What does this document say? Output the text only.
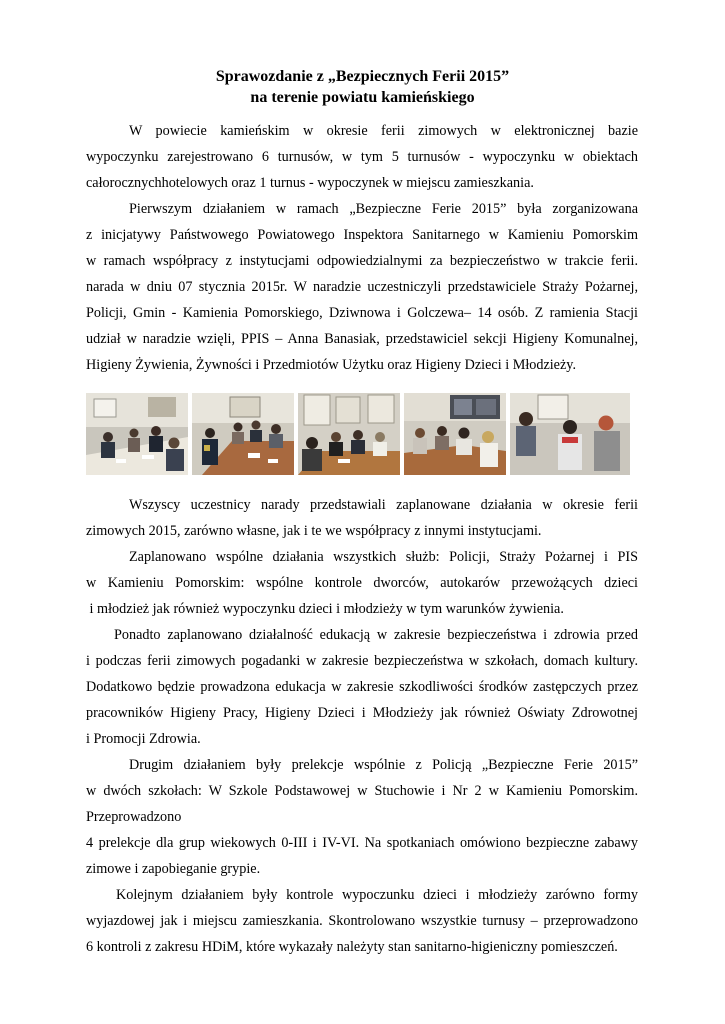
Sprawozdanie z „Bezpiecznych Ferii 2015”
na terenie powiatu kamieńskiego
W powiecie kamieńskim w okresie ferii zimowych w elektronicznej bazie
wypoczynku zarejestrowano 6 turnusów, w tym 5 turnusów - wypoczynku w obiektach
całorocznychhotelowych oraz 1 turnus - wypoczynek w miejscu zamieszkania.
Pierwszym działaniem w ramach „Bezpieczne Ferie 2015” była zorganizowana
z inicjatywy Państwowego Powiatowego Inspektora Sanitarnego w Kamieniu Pomorskim
w ramach współpracy z instytucjami odpowiedzialnymi za bezpieczeństwo w trakcie ferii.
narada w dniu 07 stycznia 2015r. W naradzie uczestniczyli przedstawiciele Straży Pożarnej,
Policji, Gmin - Kamienia Pomorskiego, Dziwnowa i Golczewa– 14 osób. Z ramienia Stacji
udział w naradzie wzięli, PPIS – Anna Banasiak, przedstawiciel sekcji Higieny Komunalnej,
Higieny Żywienia, Żywności i Przedmiotów Użytku oraz Higieny Dzieci i Młodzieży.
Wszyscy uczestnicy narady przedstawiali zaplanowane działania w okresie ferii
zimowych 2015, zarówno własne, jak i te we współpracy z innymi instytucjami.
Zaplanowano wspólne działania wszystkich służb: Policji, Straży Pożarnej i PIS
w Kamieniu Pomorskim: wspólne kontrole dworców, autokarów przewożących dzieci
i młodzież jak również wypoczynku dzieci i młodzieży w tym warunków żywienia.
Ponadto zaplanowano działalność edukacją w zakresie bezpieczeństwa i zdrowia przed
i podczas ferii zimowych pogadanki w zakresie bezpieczeństwa w szkołach, domach kultury.
Dodatkowo będzie prowadzona edukacja w zakresie szkodliwości środków zastępczych przez
pracowników Higieny Pracy, Higieny Dzieci i Młodzieży jak również Oświaty Zdrowotnej
i Promocji Zdrowia.
Drugim działaniem były prelekcje wspólnie z Policją „Bezpieczne Ferie 2015”
w dwóch szkołach: W Szkole Podstawowej w Stuchowie i Nr 2 w Kamieniu Pomorskim.
Przeprowadzono
4 prelekcje dla grup wiekowych 0-III i IV-VI. Na spotkaniach omówiono bezpieczne zabawy
zimowe i zapobieganie grypie.
Kolejnym działaniem były kontrole wypoczunku dzieci i młodzieży zarówno formy
wyjazdowej jak i miejscu zamieszkania. Skontrolowano wszystkie turnusy – przeprowadzono
6 kontroli z zakresu HDiM, które wykazały należyty stan sanitarno-higieniczny pomieszczeń.
